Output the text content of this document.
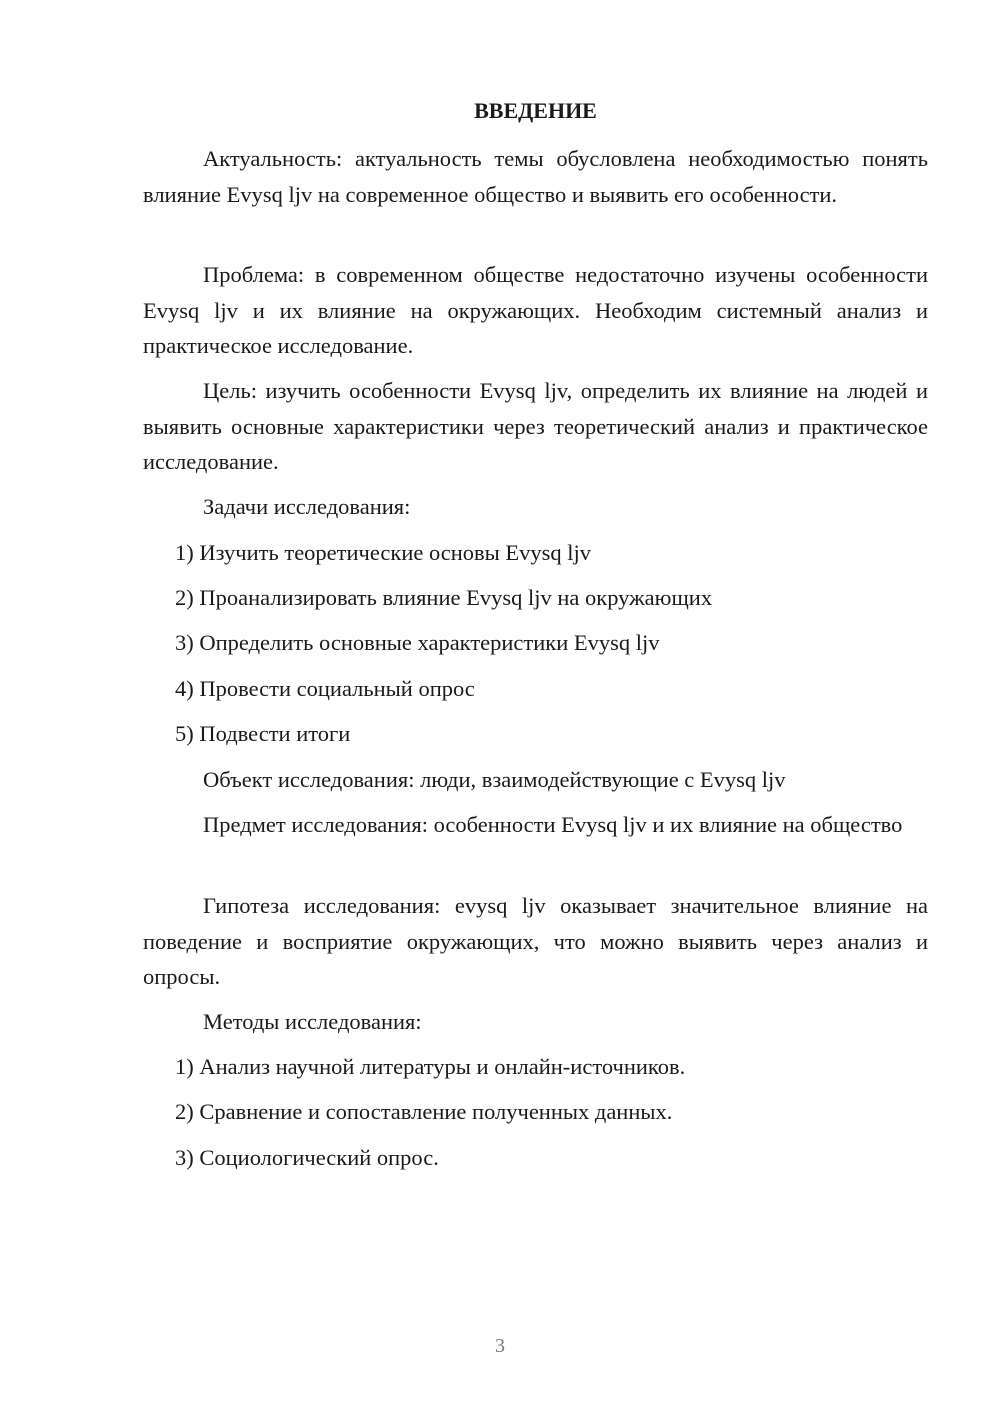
ВВЕДЕНИЕ

Актуальность: актуальность темы обусловлена необходимостью понять влияние Evysq ljv на современное общество и выявить его особенности.

Проблема: в современном обществе недостаточно изучены особенности Evysq ljv и их влияние на окружающих. Необходим системный анализ и практическое исследование.

Цель: изучить особенности Evysq ljv, определить их влияние на людей и выявить основные характеристики через теоретический анализ и практическое исследование.

Задачи исследования:

1) Изучить теоретические основы Evysq ljv

2) Проанализировать влияние Evysq ljv на окружающих

3) Определить основные характеристики Evysq ljv

4) Провести социальный опрос

5) Подвести итоги

Объект исследования: люди, взаимодействующие с Evysq ljv

Предмет исследования: особенности Evysq ljv и их влияние на общество

Гипотеза исследования: evysq ljv оказывает значительное влияние на поведение и восприятие окружающих, что можно выявить через анализ и опросы.

Методы исследования:

1) Анализ научной литературы и онлайн-источников.

2) Сравнение и сопоставление полученных данных.

3) Социологический опрос.

3
